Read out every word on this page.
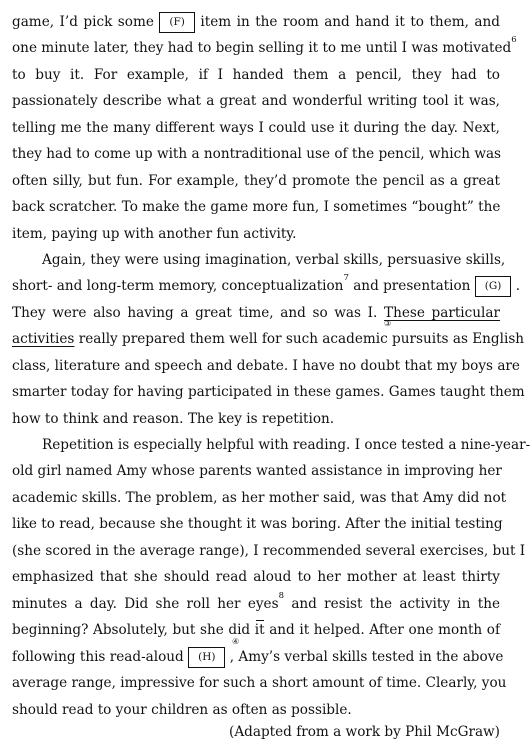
game, I’d pick some (F) item in the room and hand it to them, and
one minute later, they had to begin selling it to me until I was motivated$^6$
to buy it. For example, if I handed them a pencil, they had to
passionately describe what a great and wonderful writing tool it was,
telling me the many different ways I could use it during the day. Next,
they had to come up with a nontraditional use of the pencil, which was
often silly, but fun. For example, they’d promote the pencil as a great
back scratcher. To make the game more fun, I sometimes “bought” the
item, paying up with another fun activity.
Again, they were using imagination, verbal skills, persuasive skills,
short- and long-term memory, conceptualization$^7$ and presentation (G) .
They were also having a great time, and so was I. These particular
③
activities really prepared them well for such academic pursuits as English
class, literature and speech and debate. I have no doubt that my boys are
smarter today for having participated in these games. Games taught them
how to think and reason. The key is repetition.
Repetition is especially helpful with reading. I once tested a nine-year-
old girl named Amy whose parents wanted assistance in improving her
academic skills. The problem, as her mother said, was that Amy did not
like to read, because she thought it was boring. After the initial testing
(she scored in the average range), I recommended several exercises, but I
emphasized that she should read aloud to her mother at least thirty
minutes a day. Did she roll her eyes$^8$ and resist the activity in the
beginning? Absolutely, but she did it and it helped. After one month of
④
following this read-aloud (H) , Amy’s verbal skills tested in the above
average range, impressive for such a short amount of time. Clearly, you
should read to your children as often as possible.
(Adapted from a work by Phil McGraw)
